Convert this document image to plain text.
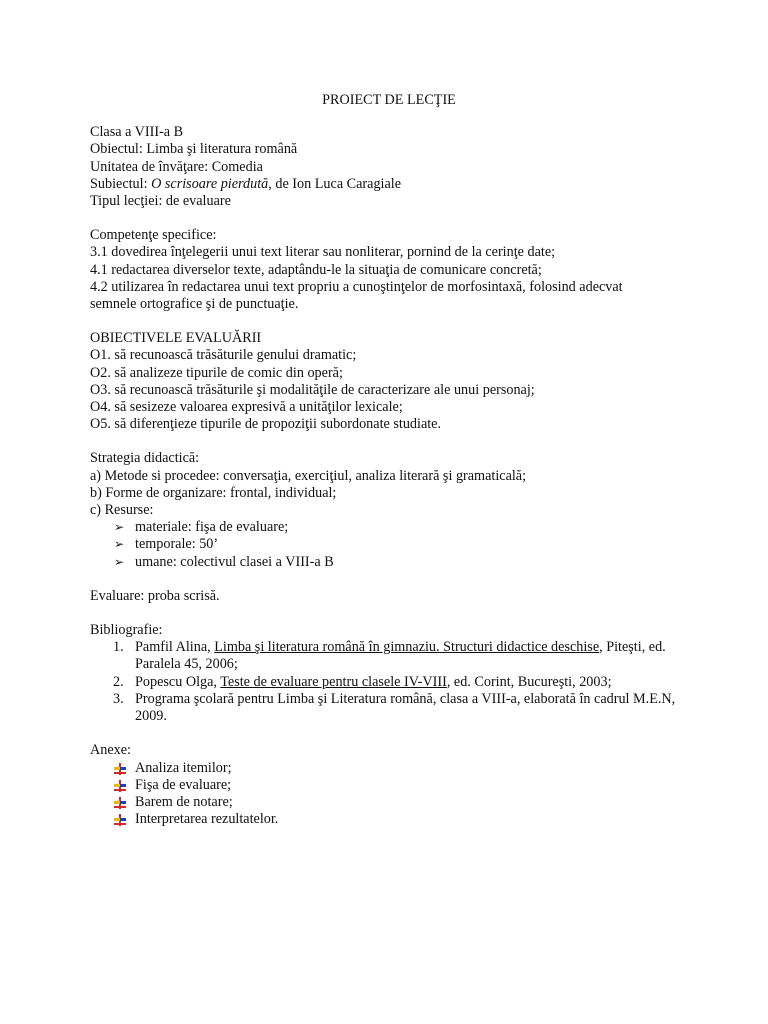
PROIECT DE LECŢIE
Clasa a VIII-a B
Obiectul: Limba şi literatura română
Unitatea de învăţare: Comedia
Subiectul: O scrisoare pierdută, de Ion Luca Caragiale
Tipul lecţiei: de evaluare
Competenţe specifice:
3.1 dovedirea înţelegerii unui text literar sau nonliterar, pornind de la cerinţe date;
4.1 redactarea diverselor texte, adaptându-le la situaţia de comunicare concretă;
4.2 utilizarea în redactarea unui text propriu a cunoştinţelor de morfosintaxă, folosind adecvat
semnele ortografice şi de punctuaţie.
OBIECTIVELE EVALUĂRII
O1. să recunoască trăsăturile genului dramatic;
O2. să analizeze tipurile de comic din operă;
O3. să recunoască trăsăturile şi modalităţile de caracterizare ale unui personaj;
O4. să sesizeze valoarea expresivă a unităţilor lexicale;
O5. să diferenţieze tipurile de propoziţii subordonate studiate.
Strategia didactică:
a) Metode si procedee: conversaţia, exerciţiul, analiza literară şi gramaticală;
b) Forme de organizare: frontal, individual;
c) Resurse:
➢ materiale: fişa de evaluare;
➢ temporale: 50’
➢ umane: colectivul clasei a VIII-a B
Evaluare: proba scrisă.
Bibliografie:
1. Pamfil Alina, Limba şi literatura română în gimnaziu. Structuri didactice deschise, Piteşti, ed. Paralela 45, 2006;
2. Popescu Olga, Teste de evaluare pentru clasele IV-VIII, ed. Corint, Bucureşti, 2003;
3. Programa şcolară pentru Limba şi Literatura română, clasa a VIII-a, elaborată în cadrul M.E.N, 2009.
Anexe:
Analiza itemilor;
Fişa de evaluare;
Barem de notare;
Interpretarea rezultatelor.
